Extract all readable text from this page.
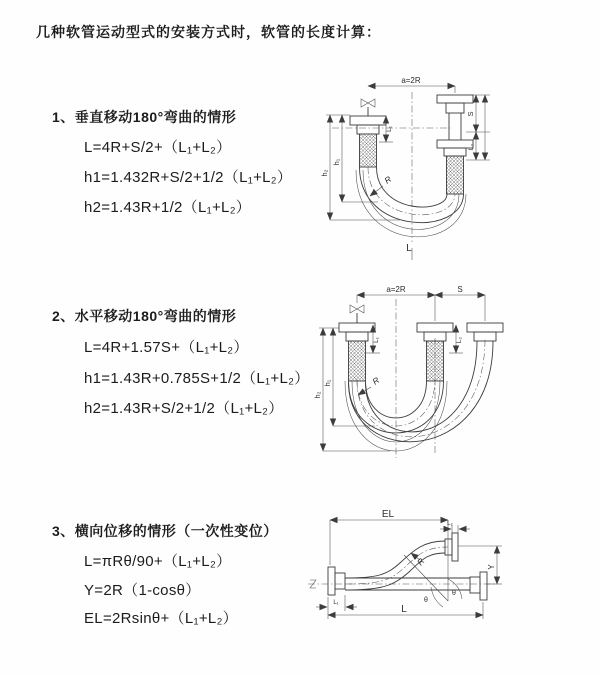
几种软管运动型式的安装方式时，软管的长度计算：
1、垂直移动180°弯曲的情形
L=4R+S/2+（L₁+L₂）
h1=1.432R+S/2+1/2（L₁+L₂）
h2=1.43R+1/2（L₁+L₂）
2、水平移动180°弯曲的情形
L=4R+1.57S+（L₁+L₂）
h1=1.43R+0.785S+1/2（L₁+L₂）
h2=1.43R+S/2+1/2（L₁+L₂）
3、横向位移的情形（一次性变位）
L=πRθ/90+（L₁+L₂）
Y=2R（1-cosθ）
EL=2Rsinθ+（L₁+L₂）
a=2R
h₂
h₁
L₁
S
L₂
R
L
a=2R	S
h₂
h₁
L₁	L₂
R
θ
θ
EL
L₂
Y
L₁
L
R
